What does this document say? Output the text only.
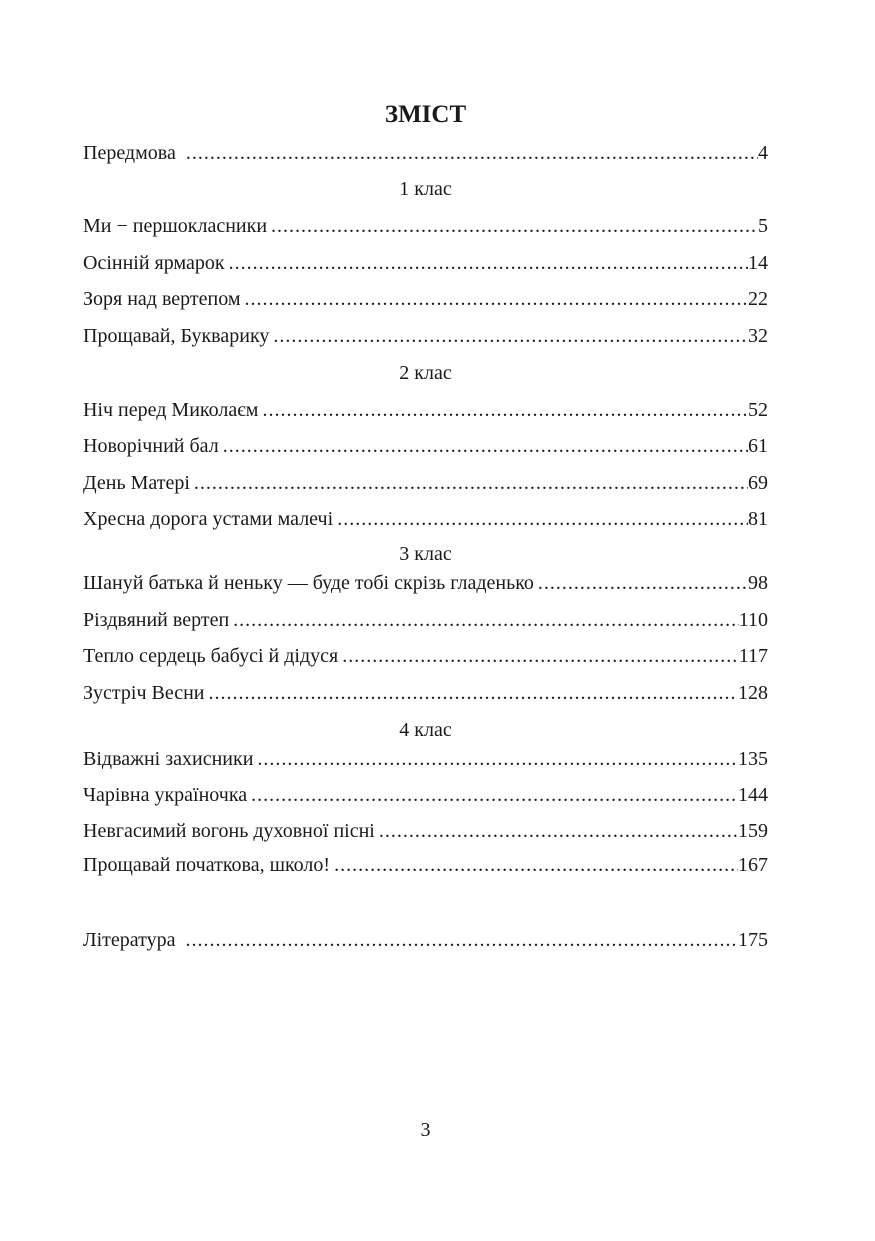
ЗМІСТ
Передмова .....	4
1 клас
Ми − першокласники .....	5
Осінній ярмарок .....	14
Зоря над вертепом .....	22
Прощавай, Букварику .....	32
2 клас
Ніч перед Миколаєм .....	52
Новорічний бал .....	61
День Матері .....	69
Хресна дорога устами малечі .....	81
3 клас
Шануй батька й неньку — буде тобі скрізь гладенько .....	98
Різдвяний вертеп .....	110
Тепло сердець бабусі й дідуся .....	117
Зустріч Весни .....	128
4 клас
Відважні захисники .....	135
Чарівна україночка .....	144
Невгасимий вогонь духовної пісні .....	159
Прощавай початкова, школо! .....	167
Література .....	175
3
